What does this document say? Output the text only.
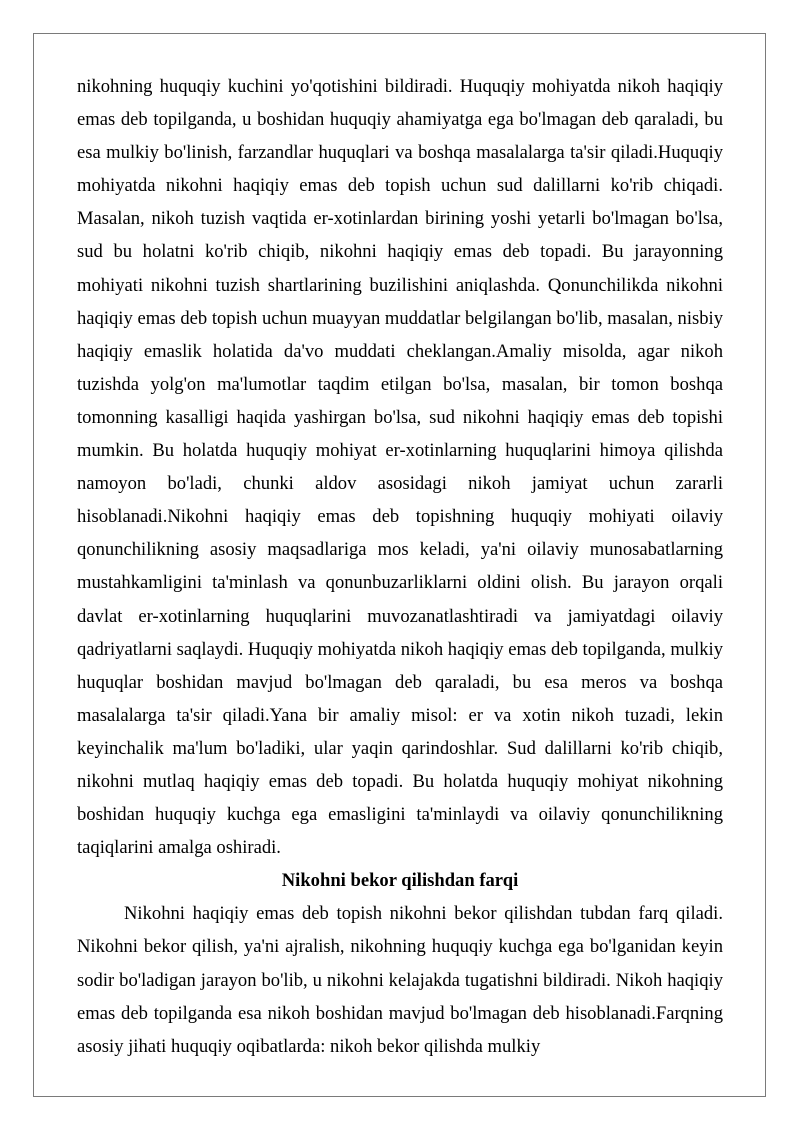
nikohning huquqiy kuchini yo'qotishini bildiradi. Huquqiy mohiyatda nikoh haqiqiy emas deb topilganda, u boshidan huquqiy ahamiyatga ega bo'lmagan deb qaraladi, bu esa mulkiy bo'linish, farzandlar huquqlari va boshqa masalalarga ta'sir qiladi.Huquqiy mohiyatda nikohni haqiqiy emas deb topish uchun sud dalillarni ko'rib chiqadi. Masalan, nikoh tuzish vaqtida er-xotinlardan birining yoshi yetarli bo'lmagan bo'lsa, sud bu holatni ko'rib chiqib, nikohni haqiqiy emas deb topadi. Bu jarayonning mohiyati nikohni tuzish shartlarining buzilishini aniqlashda. Qonunchilikda nikohni haqiqiy emas deb topish uchun muayyan muddatlar belgilangan bo'lib, masalan, nisbiy haqiqiy emaslik holatida da'vo muddati cheklangan.Amaliy misolda, agar nikoh tuzishda yolg'on ma'lumotlar taqdim etilgan bo'lsa, masalan, bir tomon boshqa tomonning kasalligi haqida yashirgan bo'lsa, sud nikohni haqiqiy emas deb topishi mumkin. Bu holatda huquqiy mohiyat er-xotinlarning huquqlarini himoya qilishda namoyon bo'ladi, chunki aldov asosidagi nikoh jamiyat uchun zararli hisoblanadi.Nikohni haqiqiy emas deb topishning huquqiy mohiyati oilaviy qonunchilikning asosiy maqsadlariga mos keladi, ya'ni oilaviy munosabatlarning mustahkamligini ta'minlash va qonunbuzarliklarni oldini olish. Bu jarayon orqali davlat er-xotinlarning huquqlarini muvozanatlashtiradi va jamiyatdagi oilaviy qadriyatlarni saqlaydi. Huquqiy mohiyatda nikoh haqiqiy emas deb topilganda, mulkiy huquqlar boshidan mavjud bo'lmagan deb qaraladi, bu esa meros va boshqa masalalarga ta'sir qiladi.Yana bir amaliy misol: er va xotin nikoh tuzadi, lekin keyinchalik ma'lum bo'ladiki, ular yaqin qarindoshlar. Sud dalillarni ko'rib chiqib, nikohni mutlaq haqiqiy emas deb topadi. Bu holatda huquqiy mohiyat nikohning boshidan huquqiy kuchga ega emasligini ta'minlaydi va oilaviy qonunchilikning taqiqlarini amalga oshiradi.

Nikohni bekor qilishdan farqi

Nikohni haqiqiy emas deb topish nikohni bekor qilishdan tubdan farq qiladi. Nikohni bekor qilish, ya'ni ajralish, nikohning huquqiy kuchga ega bo'lganidan keyin sodir bo'ladigan jarayon bo'lib, u nikohni kelajakda tugatishni bildiradi. Nikoh haqiqiy emas deb topilganda esa nikoh boshidan mavjud bo'lmagan deb hisoblanadi.Farqning asosiy jihati huquqiy oqibatlarda: nikoh bekor qilishda mulkiy
